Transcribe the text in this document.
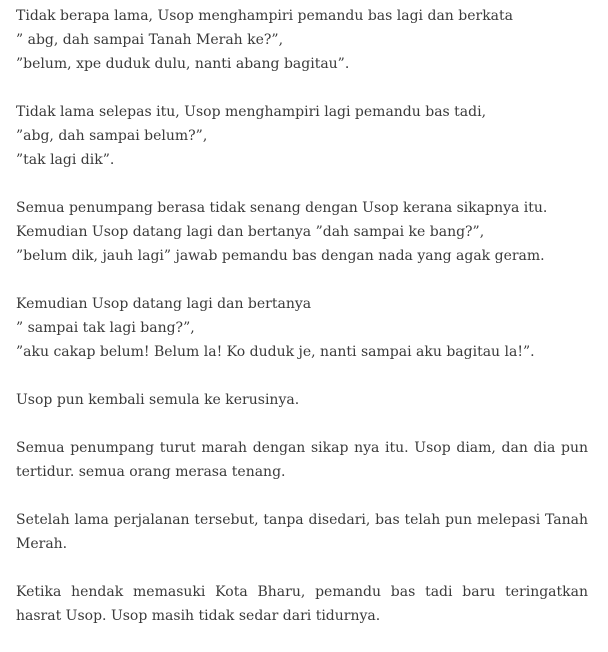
Tidak berapa lama, Usop menghampiri pemandu bas lagi dan berkata
” abg, dah sampai Tanah Merah ke?”,
”belum, xpe duduk dulu, nanti abang bagitau”.

Tidak lama selepas itu, Usop menghampiri lagi pemandu bas tadi,
”abg, dah sampai belum?”,
”tak lagi dik”.

Semua penumpang berasa tidak senang dengan Usop kerana sikapnya itu.
Kemudian Usop datang lagi dan bertanya ”dah sampai ke bang?”,
”belum dik, jauh lagi” jawab pemandu bas dengan nada yang agak geram.

Kemudian Usop datang lagi dan bertanya
” sampai tak lagi bang?”,
”aku cakap belum! Belum la! Ko duduk je, nanti sampai aku bagitau la!”.

Usop pun kembali semula ke kerusinya.

Semua penumpang turut marah dengan sikap nya itu. Usop diam, dan dia pun tertidur. semua orang merasa tenang.

Setelah lama perjalanan tersebut, tanpa disedari, bas telah pun melepasi Tanah Merah.

Ketika hendak memasuki Kota Bharu, pemandu bas tadi baru teringatkan hasrat Usop. Usop masih tidak sedar dari tidurnya.
